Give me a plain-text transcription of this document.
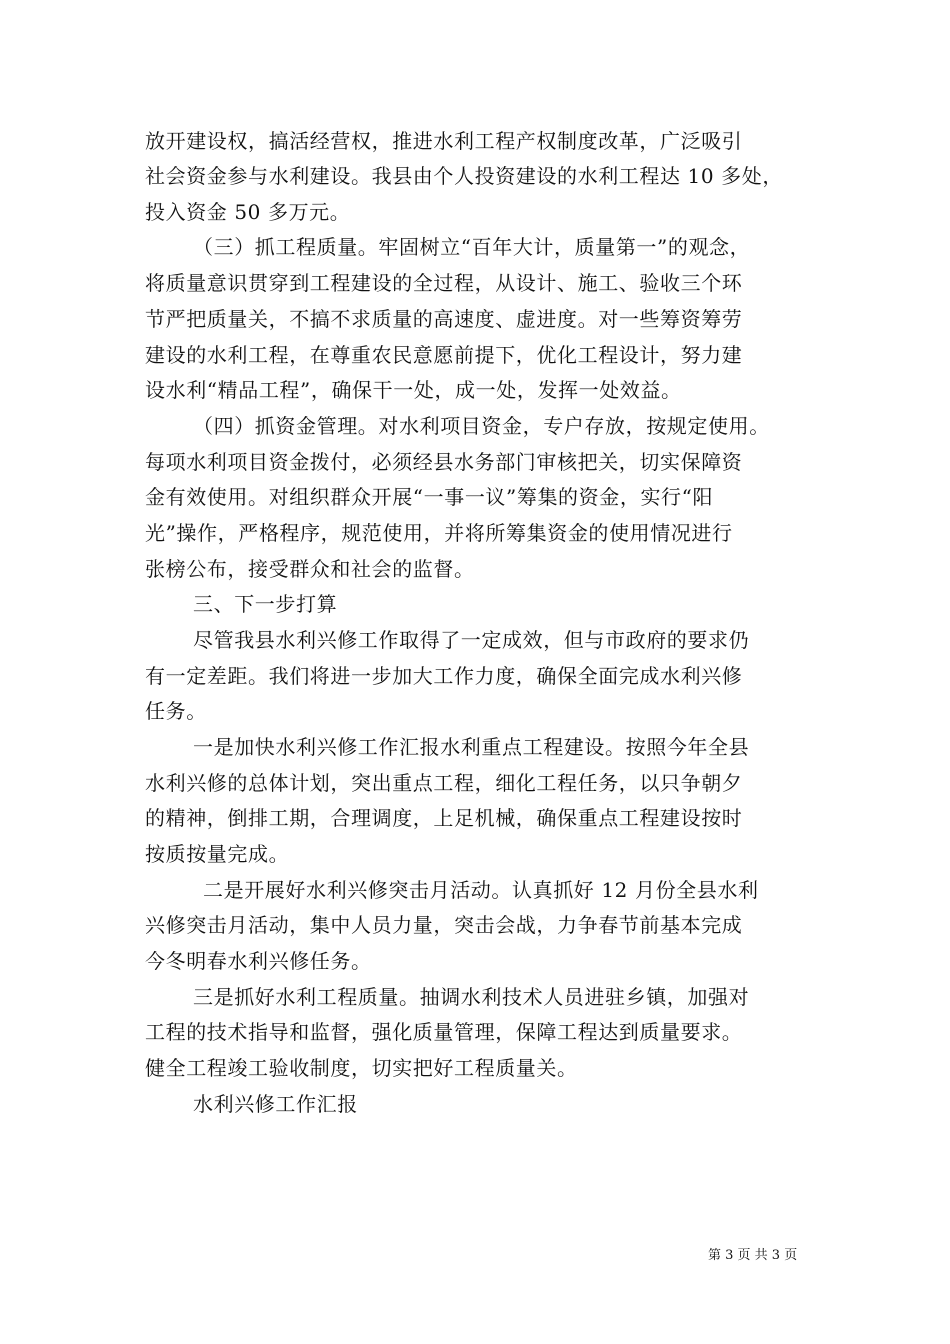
放开建设权，搞活经营权，推进水利工程产权制度改革，广泛吸引
社会资金参与水利建设。我县由个人投资建设的水利工程达 10 多处，
投入资金 50 多万元。
（三）抓工程质量。牢固树立“百年大计，质量第一”的观念，
将质量意识贯穿到工程建设的全过程，从设计、施工、验收三个环
节严把质量关，不搞不求质量的高速度、虚进度。对一些筹资筹劳
建设的水利工程，在尊重农民意愿前提下，优化工程设计，努力建
设水利“精品工程”，确保干一处，成一处，发挥一处效益。
（四）抓资金管理。对水利项目资金，专户存放，按规定使用。
每项水利项目资金拨付，必须经县水务部门审核把关，切实保障资
金有效使用。对组织群众开展“一事一议”筹集的资金，实行“阳
光”操作，严格程序，规范使用，并将所筹集资金的使用情况进行
张榜公布，接受群众和社会的监督。
三、下一步打算
尽管我县水利兴修工作取得了一定成效，但与市政府的要求仍
有一定差距。我们将进一步加大工作力度，确保全面完成水利兴修
任务。
一是加快水利兴修工作汇报水利重点工程建设。按照今年全县
水利兴修的总体计划，突出重点工程，细化工程任务，以只争朝夕
的精神，倒排工期，合理调度，上足机械，确保重点工程建设按时
按质按量完成。
二是开展好水利兴修突击月活动。认真抓好 12 月份全县水利
兴修突击月活动，集中人员力量，突击会战，力争春节前基本完成
今冬明春水利兴修任务。
三是抓好水利工程质量。抽调水利技术人员进驻乡镇，加强对
工程的技术指导和监督，强化质量管理，保障工程达到质量要求。
健全工程竣工验收制度，切实把好工程质量关。
水利兴修工作汇报
第 3 页 共 3 页
